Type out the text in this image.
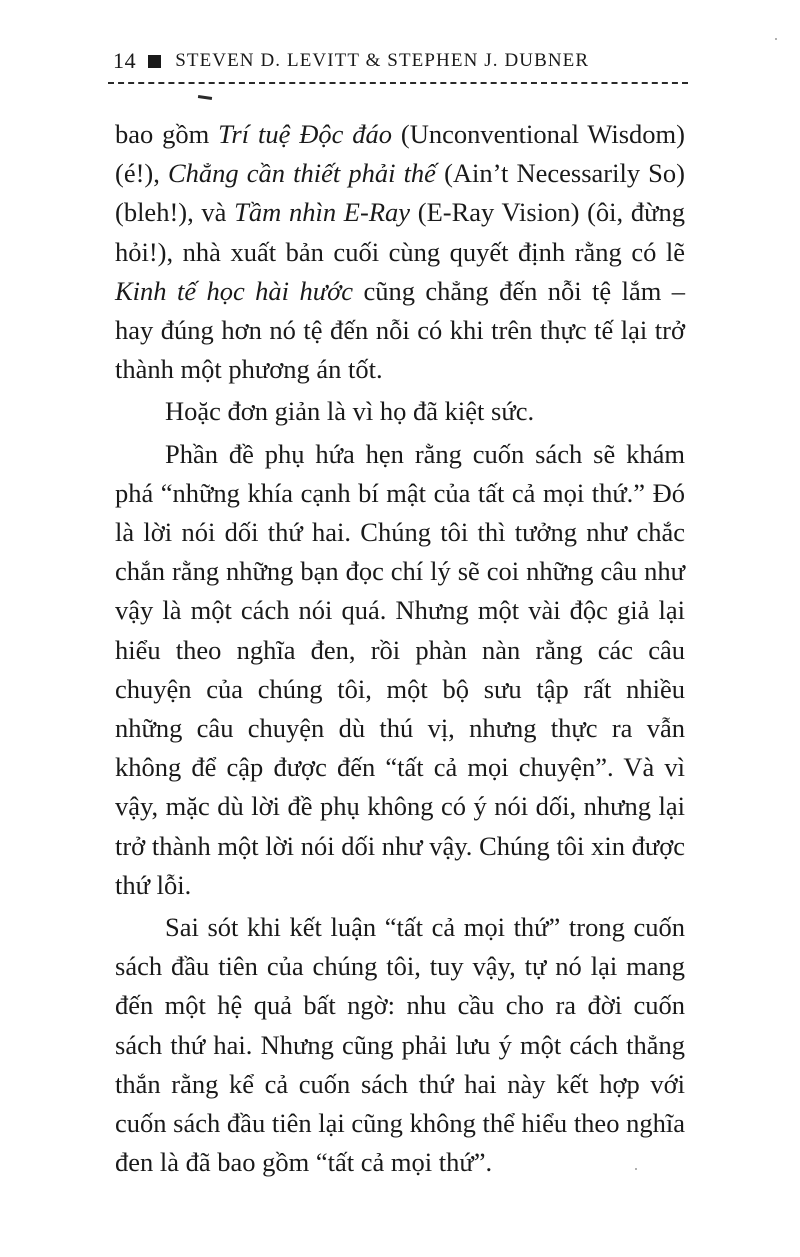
14 STEVEN D. LEVITT & STEPHEN J. DUBNER

bao gồm Trí tuệ Độc đáo (Unconventional Wisdom) (é!), Chẳng cần thiết phải thế (Ain’t Necessarily So) (bleh!), và Tầm nhìn E-Ray (E-Ray Vision) (ôi, đừng hỏi!), nhà xuất bản cuối cùng quyết định rằng có lẽ Kinh tế học hài hước cũng chẳng đến nỗi tệ lắm – hay đúng hơn nó tệ đến nỗi có khi trên thực tế lại trở thành một phương án tốt.

Hoặc đơn giản là vì họ đã kiệt sức.

Phần đề phụ hứa hẹn rằng cuốn sách sẽ khám phá “những khía cạnh bí mật của tất cả mọi thứ.” Đó là lời nói dối thứ hai. Chúng tôi thì tưởng như chắc chắn rằng những bạn đọc chí lý sẽ coi những câu như vậy là một cách nói quá. Nhưng một vài độc giả lại hiểu theo nghĩa đen, rồi phàn nàn rằng các câu chuyện của chúng tôi, một bộ sưu tập rất nhiều những câu chuyện dù thú vị, nhưng thực ra vẫn không để cập được đến “tất cả mọi chuyện”. Và vì vậy, mặc dù lời đề phụ không có ý nói dối, nhưng lại trở thành một lời nói dối như vậy. Chúng tôi xin được thứ lỗi.

Sai sót khi kết luận “tất cả mọi thứ” trong cuốn sách đầu tiên của chúng tôi, tuy vậy, tự nó lại mang đến một hệ quả bất ngờ: nhu cầu cho ra đời cuốn sách thứ hai. Nhưng cũng phải lưu ý một cách thẳng thắn rằng kể cả cuốn sách thứ hai này kết hợp với cuốn sách đầu tiên lại cũng không thể hiểu theo nghĩa đen là đã bao gồm “tất cả mọi thứ”.
